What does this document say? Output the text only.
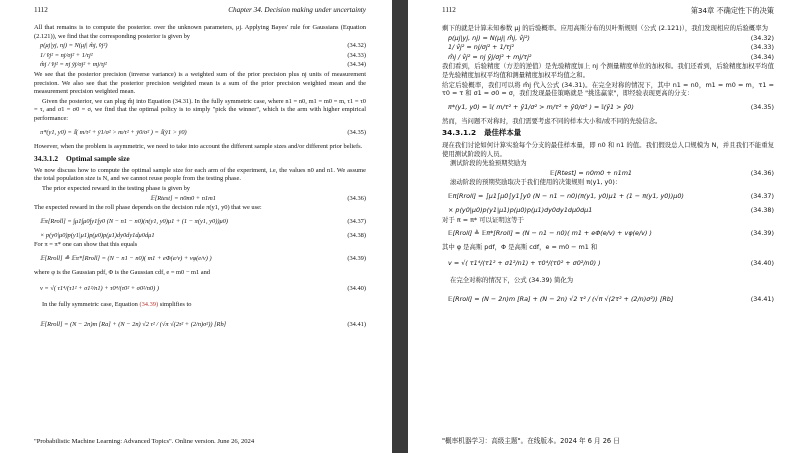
1112	Chapter 34. Decision making under uncertainty

All that remains is to compute the posterior. over the unknown parameters, μj. Applying Bayes' rule for Gaussians (Equation (2.121)), we find that the corresponding posterior is given by

p(μj|yj, nj) = N(μj| m̂j, v̂j²)	(34.32)
1/ v̂j² = nj/σj² + 1/τj²	(34.33)
m̂j / v̂j² = nj ȳj/σj² + mj/τj²	(34.34)

We see that the posterior precision (inverse variance) is a weighted sum of the prior precision plus nj units of measurement precision. We also see that the posterior precision weighted mean is a sum of the prior precision weighted mean and the measurement precision weighted mean.

Given the posterior, we can plug m̂j into Equation (34.31). In the fully symmetric case, where n1 = n0, m1 = m0 = m, τ1 = τ0 = τ, and σ1 = σ0 = σ, we find that the optimal policy is to simply "pick the winner", which is the arm with higher empirical performance:

π*(y1, y0) = 𝕀( m/τ² + ȳ1/σ² > m/τ² + ȳ0/σ² ) = 𝕀(ȳ1 > ȳ0)	(34.35)

However, when the problem is asymmetric, we need to take into account the different sample sizes and/or different prior beliefs.

34.3.1.2 Optimal sample size

We now discuss how to compute the optimal sample size for each arm of the experiment, i.e, the values n0 and n1. We assume the total population size is N, and we cannot reuse people from the testing phase.

The prior expected reward in the testing phase is given by

𝔼[Rtest] = n0m0 + n1m1	(34.36)

The expected reward in the roll phase depends on the decision rule π(y1, y0) that we use:

𝔼π[Rroll] = ∫μ1∫μ0∫y1∫y0 (N − n1 − n0)(π(y1, y0)μ1 + (1 − π(y1, y0))μ0)	(34.37)
× p(y0|μ0)p(y1|μ1)p(μ0)p(μ1)dy0dy1dμ0dμ1	(34.38)

For π = π* one can show that this equals

𝔼[Rroll] ≜ 𝔼π*[Rroll] = (N − n1 − n0)( m1 + eΦ(e/v) + vφ(e/v) )	(34.39)

where φ is the Gaussian pdf, Φ is the Gaussian cdf, e = m0 − m1 and

v = √( τ1⁴/(τ1² + σ1²/n1) + τ0⁴/(τ0² + σ0²/n0) )	(34.40)

In the fully symmetric case, Equation (34.39) simplifies to

𝔼[Rroll] = (N − 2n)m [Ra] + (N − 2n) √2 τ² / (√π √(2τ² + (2/n)σ²)) [Rb]	(34.41)
"Probabilistic Machine Learning: Advanced Topics". Online version. June 26, 2024
1112	第34章 不确定性下的决策

剩下的就是计算未知参数 μj 的后验概率。应用高斯分布的贝叶斯规则（公式 (2.121)），我们发现相应的后验概率为

p(μj|yj, nj) = N(μj| m̂j, v̂j²)	(34.32)
1/ v̂j² = nj/σj² + 1/τj²	(34.33)
m̂j / v̂j² = nj ȳj/σj² + mj/τj²	(34.34)

我们看到，后验精度（方差的逆值）是先验精度加上 nj 个测量精度单位的加权和。我们还看到，后验精度加权平均值是先验精度加权平均值和测量精度加权平均值之和。

给定后验概率，我们可以将 m̂j 代入公式 (34.31)。在完全对称的情况下，其中 n1 = n0，m1 = m0 = m，τ1 = τ0 = τ 和 σ1 = σ0 = σ，我们发现最佳策略就是 "挑选赢家"，即经验表现更高的分支：

π*(y1, y0) = 𝕀( m/τ² + ȳ1/σ² > m/τ² + ȳ0/σ² ) = 𝕀(ȳ1 > ȳ0)	(34.35)

然而，当问题不对称时，我们需要考虑不同的样本大小和/或不同的先验信念。

34.3.1.2 最佳样本量

现在我们讨论如何计算实验每个分支的最佳样本量，即 n0 和 n1 的值。我们假设总人口规模为 N，并且我们不能重复使用测试阶段的人员。

测试阶段的先验预期奖励为

𝔼[Rtest] = n0m0 + n1m1	(34.36)

滚动阶段的预期奖励取决于我们使用的决策规则 π(y1, y0)：

𝔼π[Rroll] = ∫μ1∫μ0∫y1∫y0 (N − n1 − n0)(π(y1, y0)μ1 + (1 − π(y1, y0))μ0)	(34.37)
× p(y0|μ0)p(y1|μ1)p(μ0)p(μ1)dy0dy1dμ0dμ1	(34.38)

对于 π = π* 可以证明这等于

𝔼[Rroll] ≜ 𝔼π*[Rroll] = (N − n1 − n0)( m1 + eΦ(e/v) + vφ(e/v) )	(34.39)

其中 φ 是高斯 pdf，Φ 是高斯 cdf，e = m0 − m1 和

v = √( τ1⁴/(τ1² + σ1²/n1) + τ0⁴/(τ0² + σ0²/n0) )	(34.40)

在完全对称的情况下，公式 (34.39) 简化为

𝔼[Rroll] = (N − 2n)m [Ra] + (N − 2n) √2 τ² / (√π √(2τ² + (2/n)σ²)) [Rb]	(34.41)
"概率机器学习：高级主题"。在线版本。2024 年 6 月 26 日
